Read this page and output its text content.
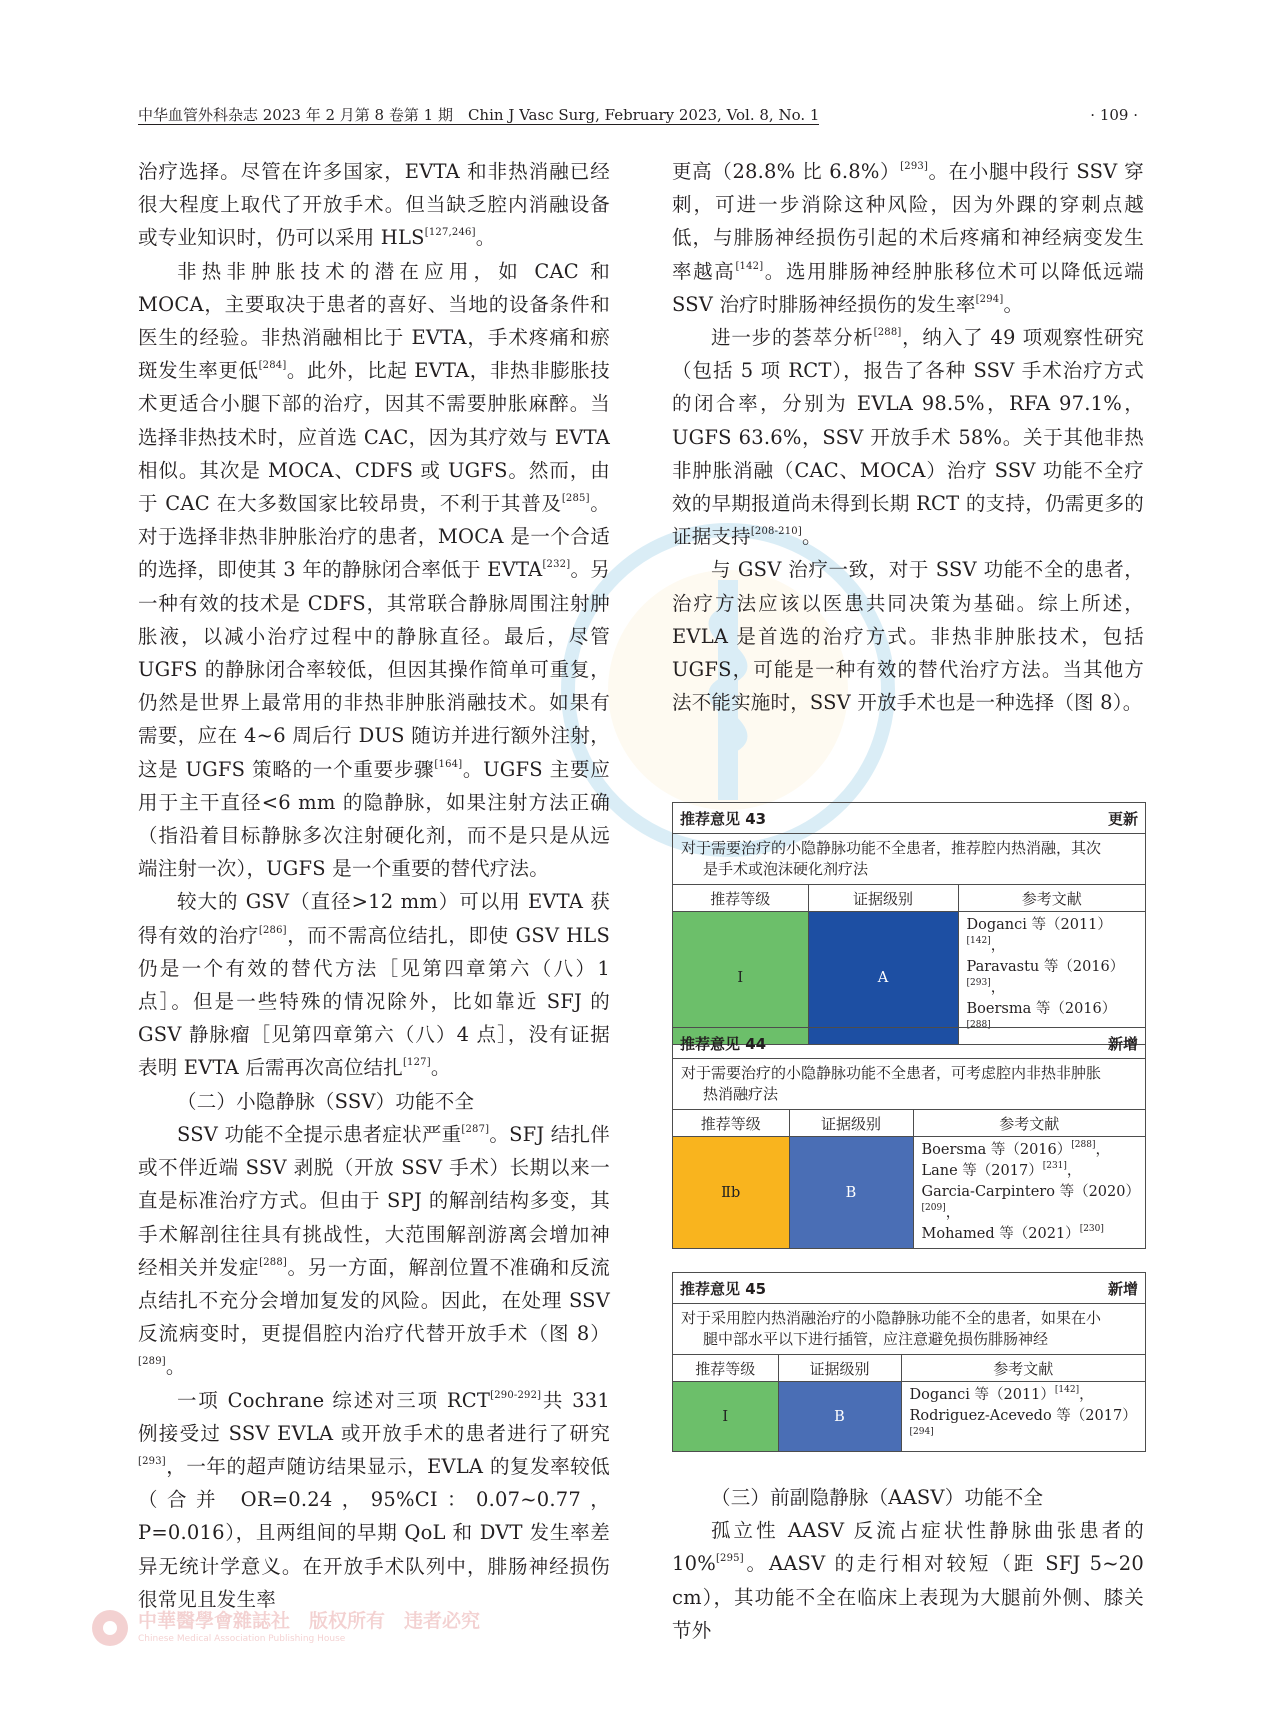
中华血管外科杂志 2023 年 2 月第 8 卷第 1 期　Chin J Vasc Surg, February 2023, Vol. 8, No. 1	· 109 ·

治疗选择。尽管在许多国家，EVTA 和非热消融已经很大程度上取代了开放手术。但当缺乏腔内消融设备或专业知识时，仍可以采用 HLS[127,246]。

非热非肿胀技术的潜在应用，如 CAC 和 MOCA，主要取决于患者的喜好、当地的设备条件和医生的经验。非热消融相比于 EVTA，手术疼痛和瘀斑发生率更低[284]。此外，比起 EVTA，非热非膨胀技术更适合小腿下部的治疗，因其不需要肿胀麻醉。当选择非热技术时，应首选 CAC，因为其疗效与 EVTA 相似。其次是 MOCA、CDFS 或 UGFS。然而，由于 CAC 在大多数国家比较昂贵，不利于其普及[285]。对于选择非热非肿胀治疗的患者，MOCA 是一个合适的选择，即使其 3 年的静脉闭合率低于 EVTA[232]。另一种有效的技术是 CDFS，其常联合静脉周围注射肿胀液，以减小治疗过程中的静脉直径。最后，尽管 UGFS 的静脉闭合率较低，但因其操作简单可重复，仍然是世界上最常用的非热非肿胀消融技术。如果有需要，应在 4~6 周后行 DUS 随访并进行额外注射，这是 UGFS 策略的一个重要步骤[164]。UGFS 主要应用于主干直径<6 mm 的隐静脉，如果注射方法正确（指沿着目标静脉多次注射硬化剂，而不是只是从远端注射一次），UGFS 是一个重要的替代疗法。

较大的 GSV（直径>12 mm）可以用 EVTA 获得有效的治疗[286]，而不需高位结扎，即使 GSV HLS 仍是一个有效的替代方法［见第四章第六（八）1 点］。但是一些特殊的情况除外，比如靠近 SFJ 的 GSV 静脉瘤［见第四章第六（八）4 点］，没有证据表明 EVTA 后需再次高位结扎[127]。

（二）小隐静脉（SSV）功能不全

SSV 功能不全提示患者症状严重[287]。SFJ 结扎伴或不伴近端 SSV 剥脱（开放 SSV 手术）长期以来一直是标准治疗方式。但由于 SPJ 的解剖结构多变，其手术解剖往往具有挑战性，大范围解剖游离会增加神经相关并发症[288]。另一方面，解剖位置不准确和反流点结扎不充分会增加复发的风险。因此，在处理 SSV 反流病变时，更提倡腔内治疗代替开放手术（图 8）[289]。

一项 Cochrane 综述对三项 RCT[290-292]共 331 例接受过 SSV EVLA 或开放手术的患者进行了研究[293]，一年的超声随访结果显示，EVLA 的复发率较低（合并 OR=0.24，95%CI：0.07~0.77，P=0.016），且两组间的早期 QoL 和 DVT 发生率差异无统计学意义。在开放手术队列中，腓肠神经损伤很常见且发生率

更高（28.8% 比 6.8%）[293]。在小腿中段行 SSV 穿刺，可进一步消除这种风险，因为外踝的穿刺点越低，与腓肠神经损伤引起的术后疼痛和神经病变发生率越高[142]。选用腓肠神经肿胀移位术可以降低远端 SSV 治疗时腓肠神经损伤的发生率[294]。

进一步的荟萃分析[288]，纳入了 49 项观察性研究（包括 5 项 RCT），报告了各种 SSV 手术治疗方式的闭合率，分别为 EVLA 98.5%，RFA 97.1%，UGFS 63.6%，SSV 开放手术 58%。关于其他非热非肿胀消融（CAC、MOCA）治疗 SSV 功能不全疗效的早期报道尚未得到长期 RCT 的支持，仍需更多的证据支持[208-210]。

与 GSV 治疗一致，对于 SSV 功能不全的患者，治疗方法应该以医患共同决策为基础。综上所述，EVLA 是首选的治疗方式。非热非肿胀技术，包括 UGFS，可能是一种有效的替代治疗方法。当其他方法不能实施时，SSV 开放手术也是一种选择（图 8）。

推荐意见 43	更新
对于需要治疗的小隐静脉功能不全患者，推荐腔内热消融，其次
是手术或泡沫硬化剂疗法
推荐等级	证据级别	参考文献
I	A	Doganci 等（2011）[142]，
Paravastu 等（2016）[293]，
Boersma 等（2016）[288]
推荐意见 44	新增
对于需要治疗的小隐静脉功能不全患者，可考虑腔内非热非肿胀
热消融疗法
推荐等级	证据级别	参考文献
Ⅱb	B	Boersma 等（2016）[288]，
Lane 等（2017）[231]，
Garcia-Carpintero 等（2020）[209]，
Mohamed 等（2021）[230]
推荐意见 45	新增
对于采用腔内热消融治疗的小隐静脉功能不全的患者，如果在小
腿中部水平以下进行插管，应注意避免损伤腓肠神经
推荐等级	证据级别	参考文献
I	B	Doganci 等（2011）[142]，
Rodriguez-Acevedo 等（2017）[294]
（三）前副隐静脉（AASV）功能不全

孤立性 AASV 反流占症状性静脉曲张患者的 10%[295]。AASV 的走行相对较短（距 SFJ 5~20 cm），其功能不全在临床上表现为大腿前外侧、膝关节外

中華醫學會雜誌社　版权所有　违者必究
Chinese Medical Association Publishing House
